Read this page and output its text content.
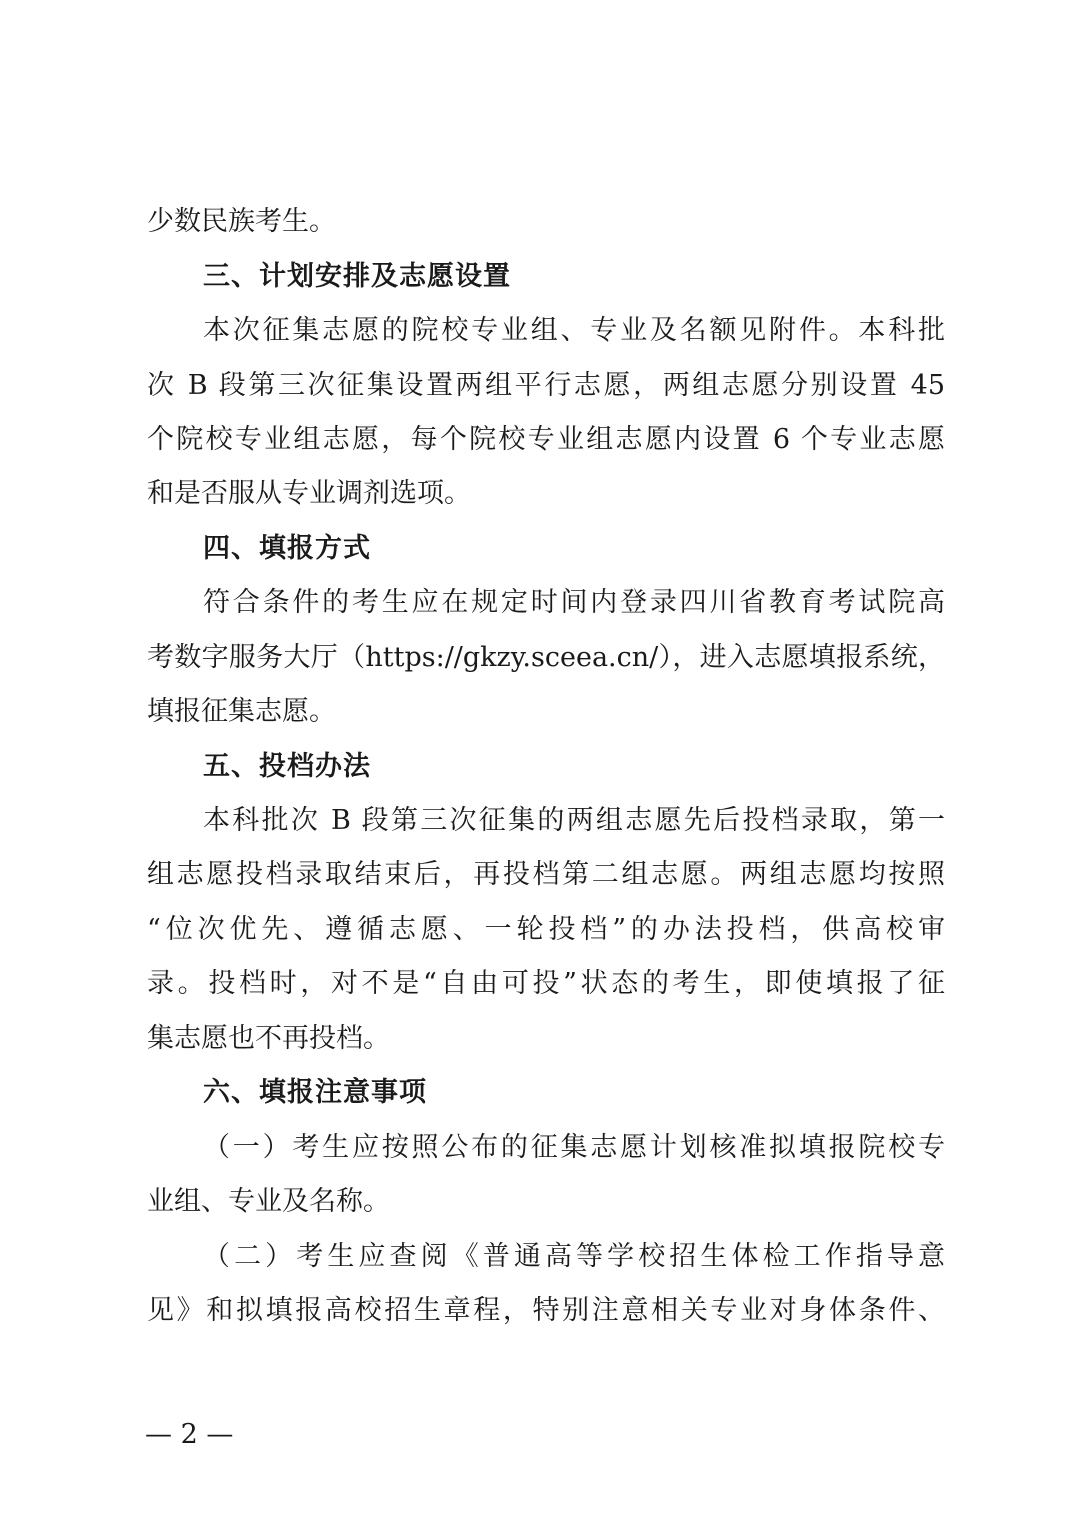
少数民族考生。

三、计划安排及志愿设置

本次征集志愿的院校专业组、专业及名额见附件。本科批

次 B 段第三次征集设置两组平行志愿，两组志愿分别设置 45

个院校专业组志愿，每个院校专业组志愿内设置 6 个专业志愿

和是否服从专业调剂选项。

四、填报方式

符合条件的考生应在规定时间内登录四川省教育考试院高

考数字服务大厅（https://gkzy.sceea.cn/），进入志愿填报系统，

填报征集志愿。

五、投档办法

本科批次 B 段第三次征集的两组志愿先后投档录取，第一

组志愿投档录取结束后，再投档第二组志愿。两组志愿均按照

“位次优先、遵循志愿、一轮投档”的办法投档，供高校审

录。投档时，对不是“自由可投”状态的考生，即使填报了征

集志愿也不再投档。

六、填报注意事项

（一）考生应按照公布的征集志愿计划核准拟填报院校专

业组、专业及名称。

（二）考生应查阅《普通高等学校招生体检工作指导意

见》和拟填报高校招生章程，特别注意相关专业对身体条件、

— 2 —
